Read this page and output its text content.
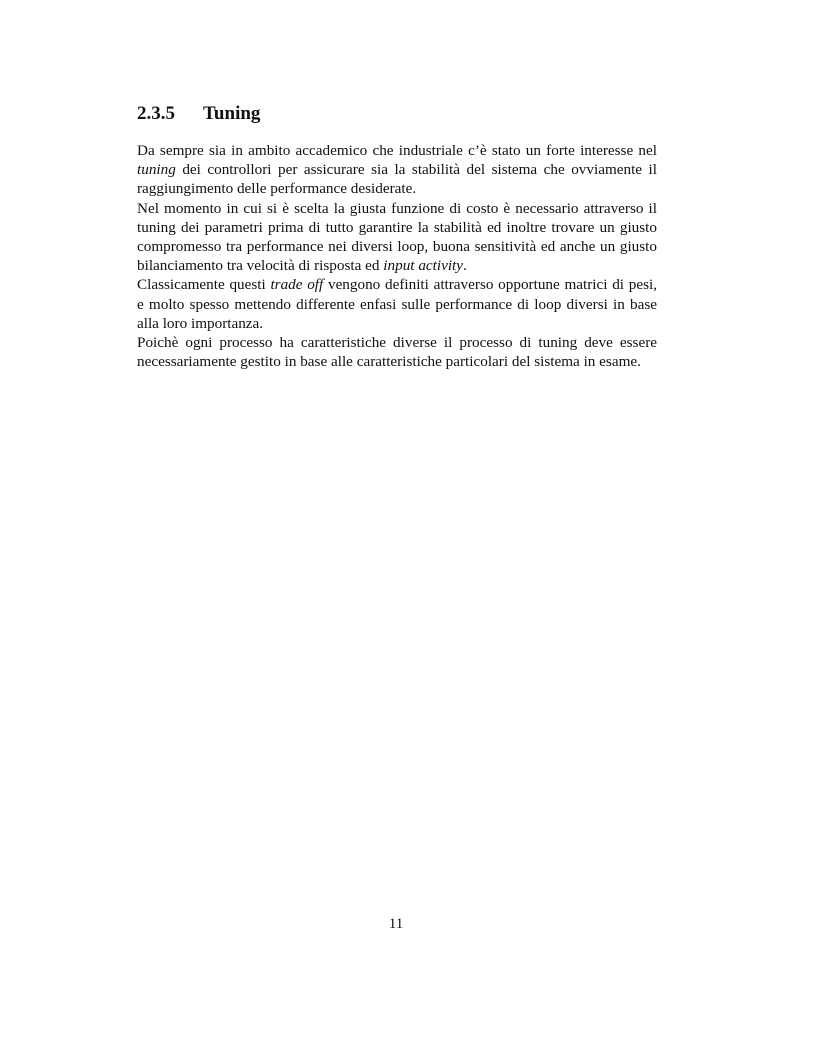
2.3.5 Tuning

Da sempre sia in ambito accademico che industriale c’è stato un forte interesse nel tuning dei controllori per assicurare sia la stabilità del sistema che ovviamente il raggiungimento delle performance desiderate.

Nel momento in cui si è scelta la giusta funzione di costo è necessario attraverso il tuning dei parametri prima di tutto garantire la stabilità ed inoltre trovare un giusto compromesso tra performance nei diversi loop, buona sensitività ed anche un giusto bilanciamento tra velocità di risposta ed input activity.

Classicamente questi trade off vengono definiti attraverso opportune matrici di pesi, e molto spesso mettendo differente enfasi sulle performance di loop diversi in base alla loro importanza.

Poichè ogni processo ha caratteristiche diverse il processo di tuning deve essere necessariamente gestito in base alle caratteristiche particolari del sistema in esame.

11
